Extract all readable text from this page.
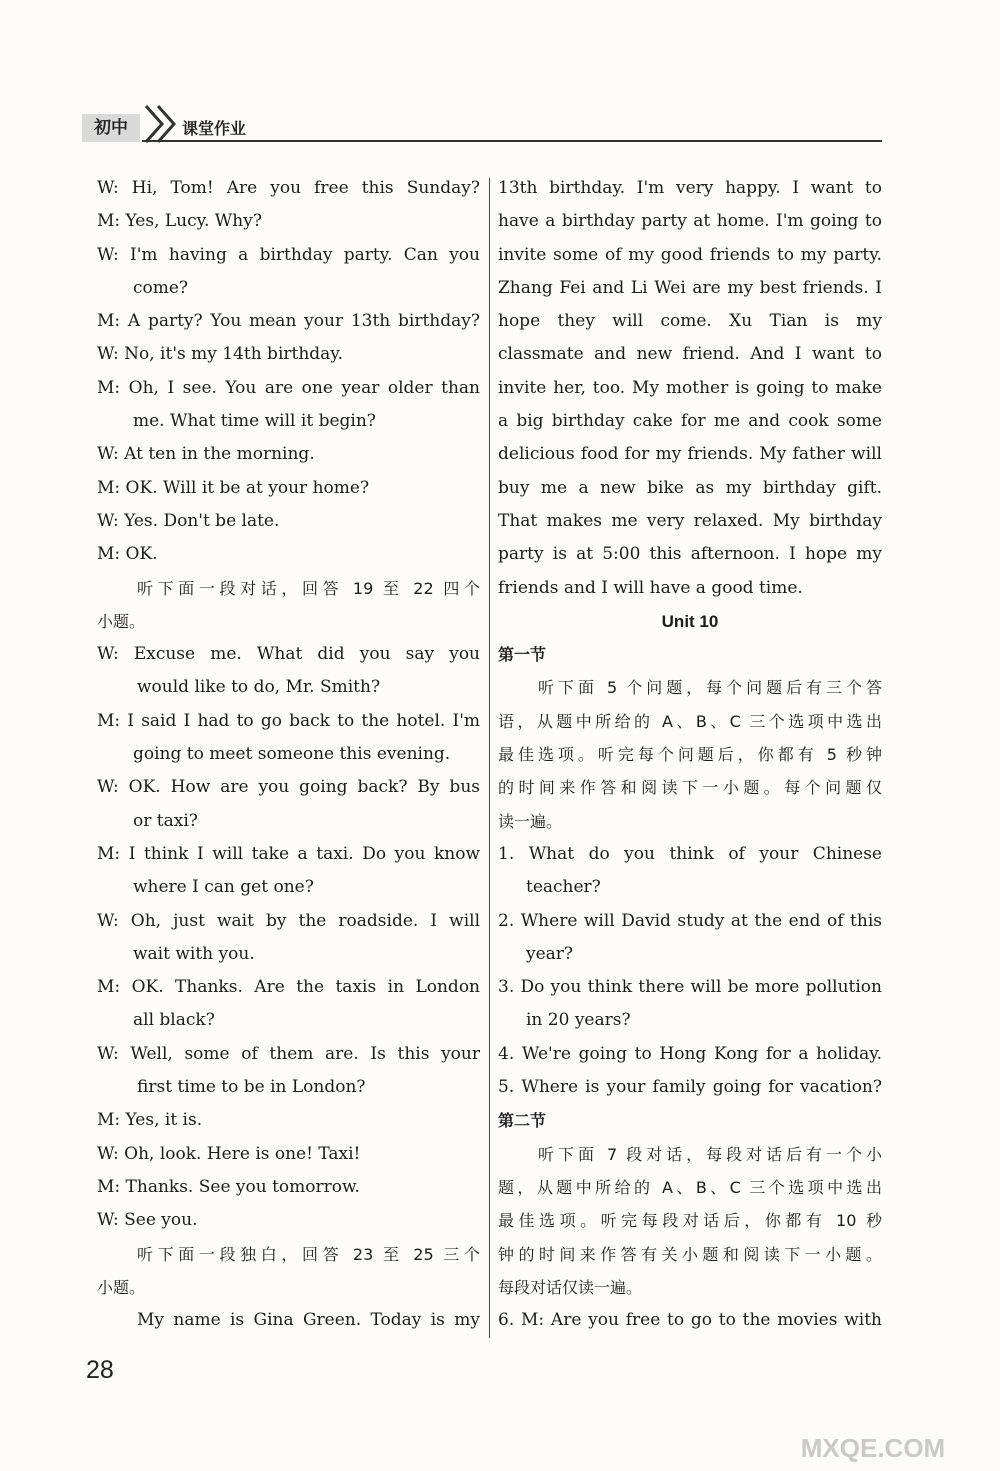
初中	课堂作业
W: Hi, Tom! Are you free this Sunday?
M: Yes, Lucy. Why?
W: I'm having a birthday party. Can you
come?
M: A party? You mean your 13th birthday?
W: No, it's my 14th birthday.
M: Oh, I see. You are one year older than
me. What time will it begin?
W: At ten in the morning.
M: OK. Will it be at your home?
W: Yes. Don't be late.
M: OK.
听下面一段对话，回答 19 至 22 四个
小题。
W: Excuse me. What did you say you
would like to do, Mr. Smith?
M: I said I had to go back to the hotel. I'm
going to meet someone this evening.
W: OK. How are you going back? By bus
or taxi?
M: I think I will take a taxi. Do you know
where I can get one?
W: Oh, just wait by the roadside. I will
wait with you.
M: OK. Thanks. Are the taxis in London
all black?
W: Well, some of them are. Is this your
first time to be in London?
M: Yes, it is.
W: Oh, look. Here is one! Taxi!
M: Thanks. See you tomorrow.
W: See you.
听下面一段独白，回答 23 至 25 三个
小题。
My name is Gina Green. Today is my
13th birthday. I'm very happy. I want to
have a birthday party at home. I'm going to
invite some of my good friends to my party.
Zhang Fei and Li Wei are my best friends. I
hope they will come. Xu Tian is my
classmate and new friend. And I want to
invite her, too. My mother is going to make
a big birthday cake for me and cook some
delicious food for my friends. My father will
buy me a new bike as my birthday gift.
That makes me very relaxed. My birthday
party is at 5:00 this afternoon. I hope my
friends and I will have a good time.
Unit 10
第一节
听下面 5 个问题，每个问题后有三个答
语，从题中所给的 A、B、C 三个选项中选出
最佳选项。听完每个问题后，你都有 5 秒钟
的时间来作答和阅读下一小题。每个问题仅
读一遍。
1. What do you think of your Chinese
teacher?
2. Where will David study at the end of this
year?
3. Do you think there will be more pollution
in 20 years?
4. We're going to Hong Kong for a holiday.
5. Where is your family going for vacation?
第二节
听下面 7 段对话，每段对话后有一个小
题，从题中所给的 A、B、C 三个选项中选出
最佳选项。听完每段对话后，你都有 10 秒
钟的时间来作答有关小题和阅读下一小题。
每段对话仅读一遍。
6. M: Are you free to go to the movies with
28
MXQE.COM
